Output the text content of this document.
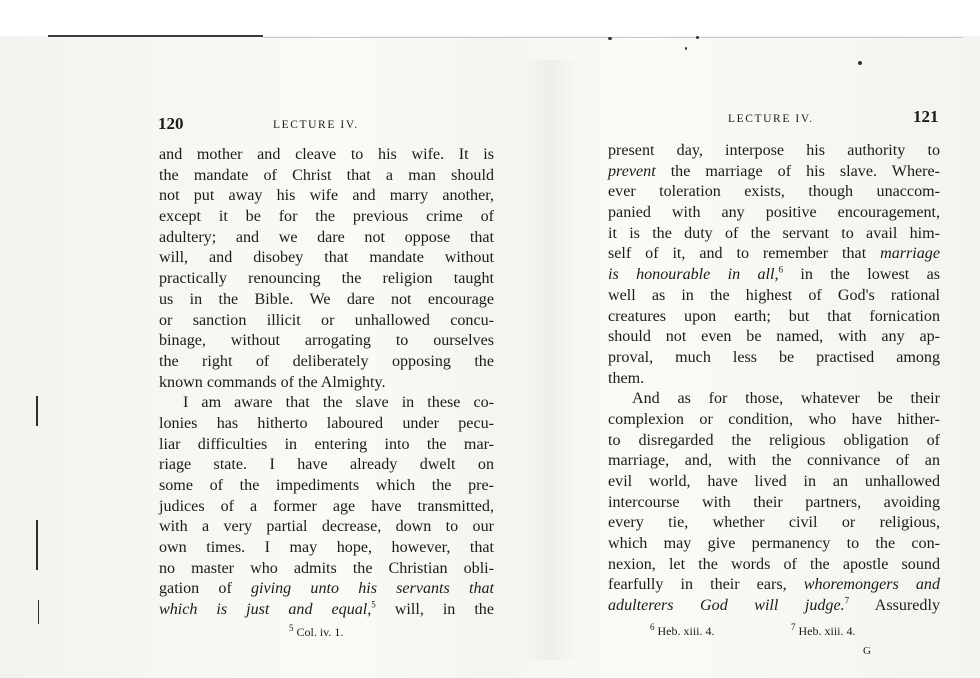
120	LECTURE IV.
and mother and cleave to his wife. It is
the mandate of Christ that a man should
not put away his wife and marry another,
except it be for the previous crime of
adultery; and we dare not oppose that
will, and disobey that mandate without
practically renouncing the religion taught
us in the Bible. We dare not encourage
or sanction illicit or unhallowed concu-
binage, without arrogating to ourselves
the right of deliberately opposing the
known commands of the Almighty.
I am aware that the slave in these co-
lonies has hitherto laboured under pecu-
liar difficulties in entering into the mar-
riage state. I have already dwelt on
some of the impediments which the pre-
judices of a former age have transmitted,
with a very partial decrease, down to our
own times. I may hope, however, that
no master who admits the Christian obli-
gation of giving unto his servants that
which is just and equal,$^5$ will, in the
$^5$ Col. iv. 1.
LECTURE IV.	121
present day, interpose his authority to
prevent the marriage of his slave. Where-
ever toleration exists, though unaccom-
panied with any positive encouragement,
it is the duty of the servant to avail him-
self of it, and to remember that marriage
is honourable in all,$^6$ in the lowest as
well as in the highest of God's rational
creatures upon earth; but that fornication
should not even be named, with any ap-
proval, much less be practised among
them.
And as for those, whatever be their
complexion or condition, who have hither-
to disregarded the religious obligation of
marriage, and, with the connivance of an
evil world, have lived in an unhallowed
intercourse with their partners, avoiding
every tie, whether civil or religious,
which may give permanency to the con-
nexion, let the words of the apostle sound
fearfully in their ears, whoremongers and
adulterers God will judge.$^7$ Assuredly
$^6$ Heb. xiii. 4.	$^7$ Heb. xiii. 4.
G
